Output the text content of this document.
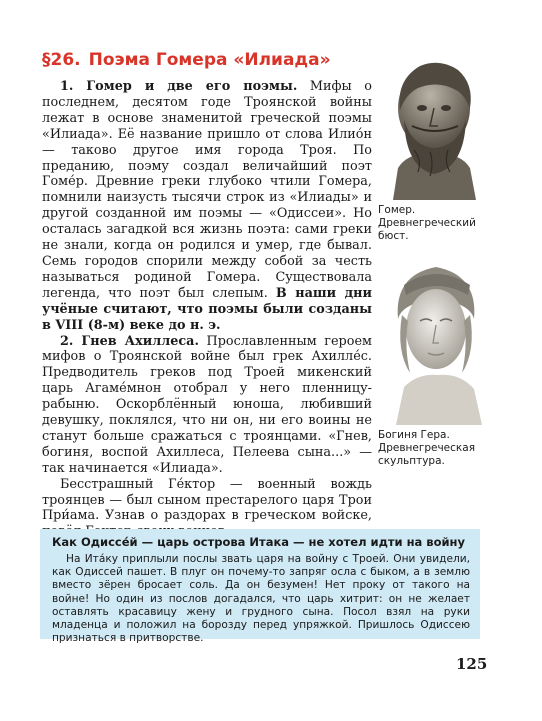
§26. Поэма Гомера «Илиада»

1. Гомер и две его поэмы. Мифы о последнем, десятом годе Троянской войны лежат в основе знаменитой греческой поэмы «Илиада». Её название пришло от слова Илио́н — таково другое имя города Троя. По преданию, поэму создал величайший поэт Гоме́р. Древние греки глубоко чтили Гомера, помнили наизусть тысячи строк из «Илиады» и другой созданной им поэмы — «Одиссеи». Но осталась загадкой вся жизнь поэта: сами греки не знали, когда он родился и умер, где бывал. Семь городов спорили между собой за честь называться родиной Гомера. Существовала легенда, что поэт был слепым. В наши дни учёные считают, что поэмы были созданы в VIII (8-м) веке до н. э.

2. Гнев Ахиллеса. Прославленным героем мифов о Троянской войне был грек Ахилле́с. Предводитель греков под Троей микенский царь Агаме́мнон отобрал у него пленницу-рабыню. Оскорблённый юноша, любивший девушку, поклялся, что ни он, ни его воины не станут больше сражаться с троянцами. «Гнев, богиня, воспой Ахиллеса, Пелеева сына...» — так начинается «Илиада».

Бесстрашный Ге́ктор — военный вождь троянцев — был сыном престарелого царя Трои При́ама. Узнав о раздорах в греческом войске,

Гомер. Древнегреческий бюст.
Богиня Гера. Древнегреческая скульптура.
Как Одиссе́й — царь острова Итака — не хотел идти на войну

На Ита́ку приплыли послы звать царя на войну с Троей. Они увидели, как Одиссей пашет. В плуг он почему-то запряг осла с быком, а в землю вместо зёрен бросает соль. Да он безумен! Нет проку от такого на войне! Но один из послов догадался, что царь хитрит: он не желает оставлять красавицу жену и грудного сына. Посол взял на руки младенца и положил на борозду перед упряжкой. Пришлось Одиссею признаться в притворстве.

125
